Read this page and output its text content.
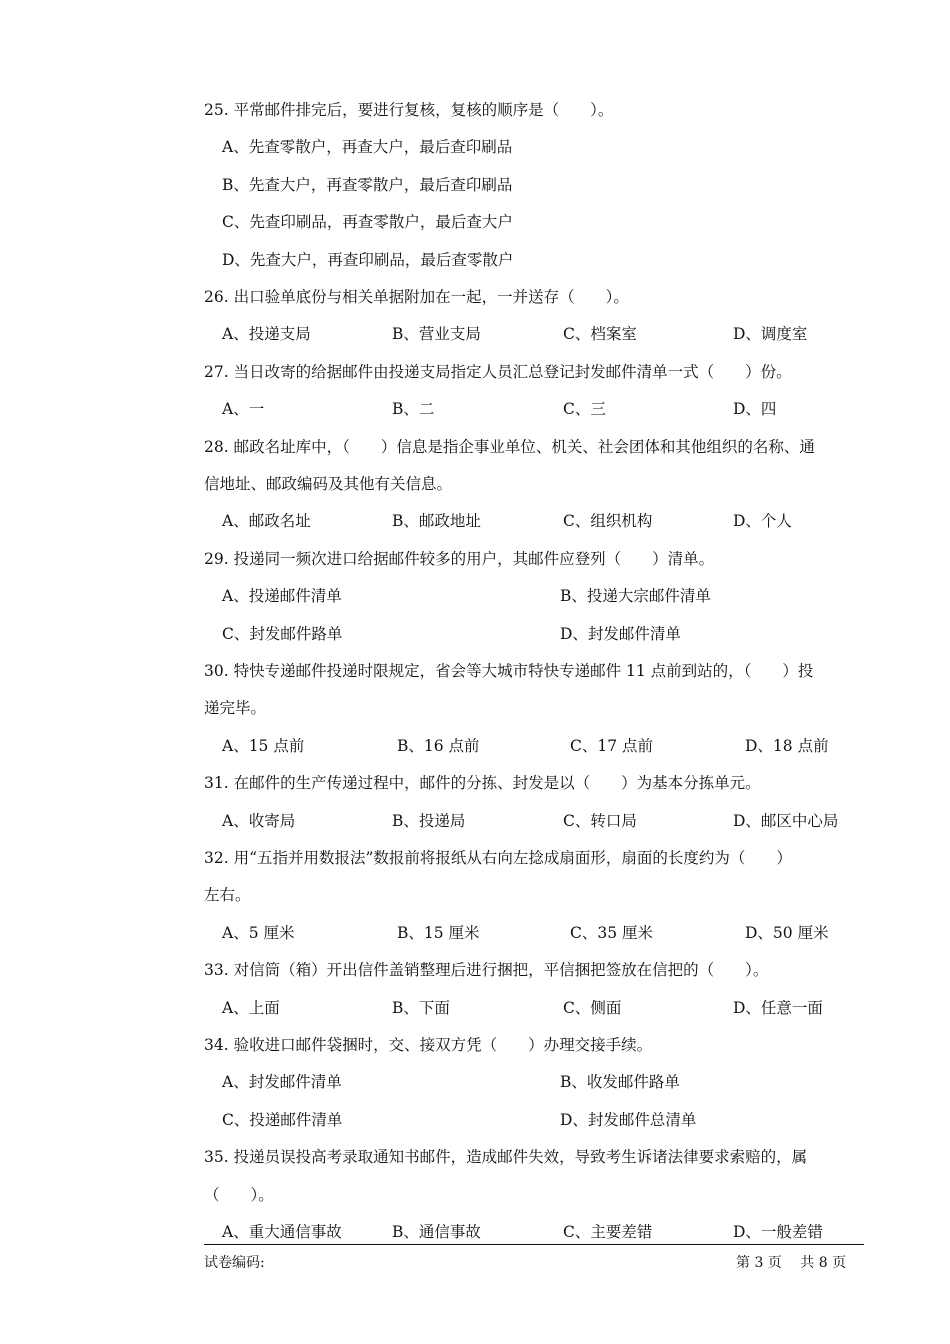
25. 平常邮件排完后，要进行复核，复核的顺序是（　　）。
A、先查零散户，再查大户，最后查印刷品
B、先查大户，再查零散户，最后查印刷品
C、先查印刷品，再查零散户，最后查大户
D、先查大户，再查印刷品，最后查零散户
26. 出口验单底份与相关单据附加在一起，一并送存（　　）。
A、投递支局	B、营业支局	C、档案室	D、调度室
27. 当日改寄的给据邮件由投递支局指定人员汇总登记封发邮件清单一式（　　）份。
A、一	B、二	C、三	D、四
28. 邮政名址库中，（　　）信息是指企事业单位、机关、社会团体和其他组织的名称、通
信地址、邮政编码及其他有关信息。
A、邮政名址	B、邮政地址	C、组织机构	D、个人
29. 投递同一频次进口给据邮件较多的用户，其邮件应登列（　　）清单。
A、投递邮件清单	B、投递大宗邮件清单
C、封发邮件路单	D、封发邮件清单
30. 特快专递邮件投递时限规定，省会等大城市特快专递邮件 11 点前到站的，（　　）投
递完毕。
A、15 点前	B、16 点前	C、17 点前	D、18 点前
31. 在邮件的生产传递过程中，邮件的分拣、封发是以（　　）为基本分拣单元。
A、收寄局	B、投递局	C、转口局	D、邮区中心局
32. 用“五指并用数报法”数报前将报纸从右向左捻成扇面形，扇面的长度约为（　　）
左右。
A、5 厘米	B、15 厘米	C、35 厘米	D、50 厘米
33. 对信筒（箱）开出信件盖销整理后进行捆把，平信捆把签放在信把的（　　）。
A、上面	B、下面	C、侧面	D、任意一面
34. 验收进口邮件袋捆时，交、接双方凭（　　）办理交接手续。
A、封发邮件清单	B、收发邮件路单
C、投递邮件清单	D、封发邮件总清单
35. 投递员误投高考录取通知书邮件，造成邮件失效，导致考生诉诸法律要求索赔的，属
（　　）。
A、重大通信事故	B、通信事故	C、主要差错	D、一般差错
试卷编码:	第 3 页　 共 8 页
